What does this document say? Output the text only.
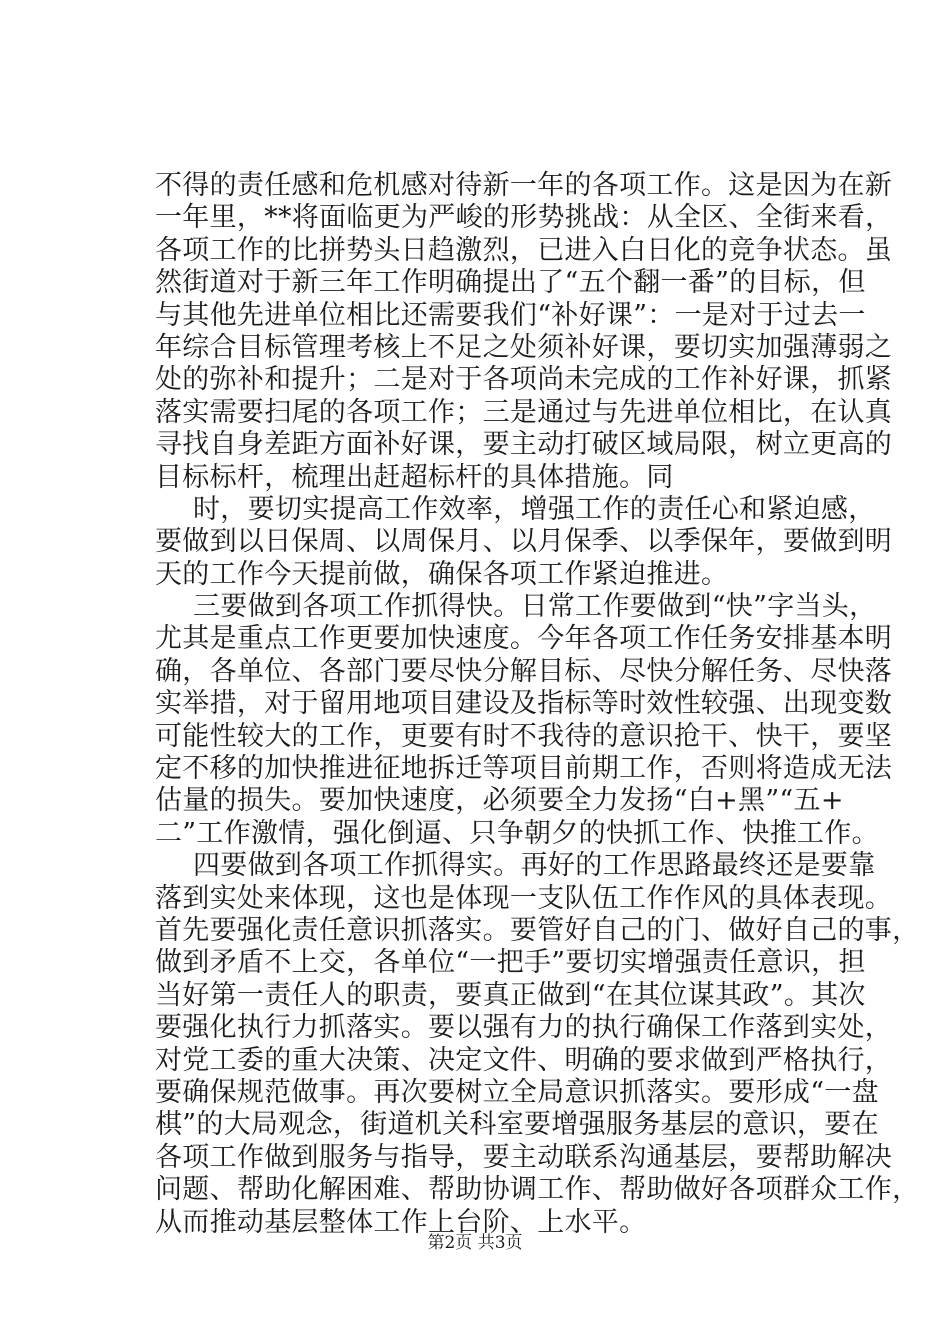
不得的责任感和危机感对待新一年的各项工作。这是因为在新
一年里，**将面临更为严峻的形势挑战：从全区、全街来看，
各项工作的比拼势头日趋激烈，已进入白日化的竞争状态。虽
然街道对于新三年工作明确提出了“五个翻一番”的目标，但
与其他先进单位相比还需要我们“补好课”：一是对于过去一
年综合目标管理考核上不足之处须补好课，要切实加强薄弱之
处的弥补和提升；二是对于各项尚未完成的工作补好课，抓紧
落实需要扫尾的各项工作；三是通过与先进单位相比，在认真
寻找自身差距方面补好课，要主动打破区域局限，树立更高的
目标标杆，梳理出赶超标杆的具体措施。同
时，要切实提高工作效率，增强工作的责任心和紧迫感，
要做到以日保周、以周保月、以月保季、以季保年，要做到明
天的工作今天提前做，确保各项工作紧迫推进。
三要做到各项工作抓得快。日常工作要做到“快”字当头，
尤其是重点工作更要加快速度。今年各项工作任务安排基本明
确，各单位、各部门要尽快分解目标、尽快分解任务、尽快落
实举措，对于留用地项目建设及指标等时效性较强、出现变数
可能性较大的工作，更要有时不我待的意识抢干、快干，要坚
定不移的加快推进征地拆迁等项目前期工作，否则将造成无法
估量的损失。要加快速度，必须要全力发扬“白+黑”“五+
二”工作激情，强化倒逼、只争朝夕的快抓工作、快推工作。
四要做到各项工作抓得实。再好的工作思路最终还是要靠
落到实处来体现，这也是体现一支队伍工作作风的具体表现。
首先要强化责任意识抓落实。要管好自己的门、做好自己的事，
做到矛盾不上交，各单位“一把手”要切实增强责任意识，担
当好第一责任人的职责，要真正做到“在其位谋其政”。其次
要强化执行力抓落实。要以强有力的执行确保工作落到实处，
对党工委的重大决策、决定文件、明确的要求做到严格执行，
要确保规范做事。再次要树立全局意识抓落实。要形成“一盘
棋”的大局观念，街道机关科室要增强服务基层的意识，要在
各项工作做到服务与指导，要主动联系沟通基层，要帮助解决
问题、帮助化解困难、帮助协调工作、帮助做好各项群众工作，
从而推动基层整体工作上台阶、上水平。
第2页 共3页
